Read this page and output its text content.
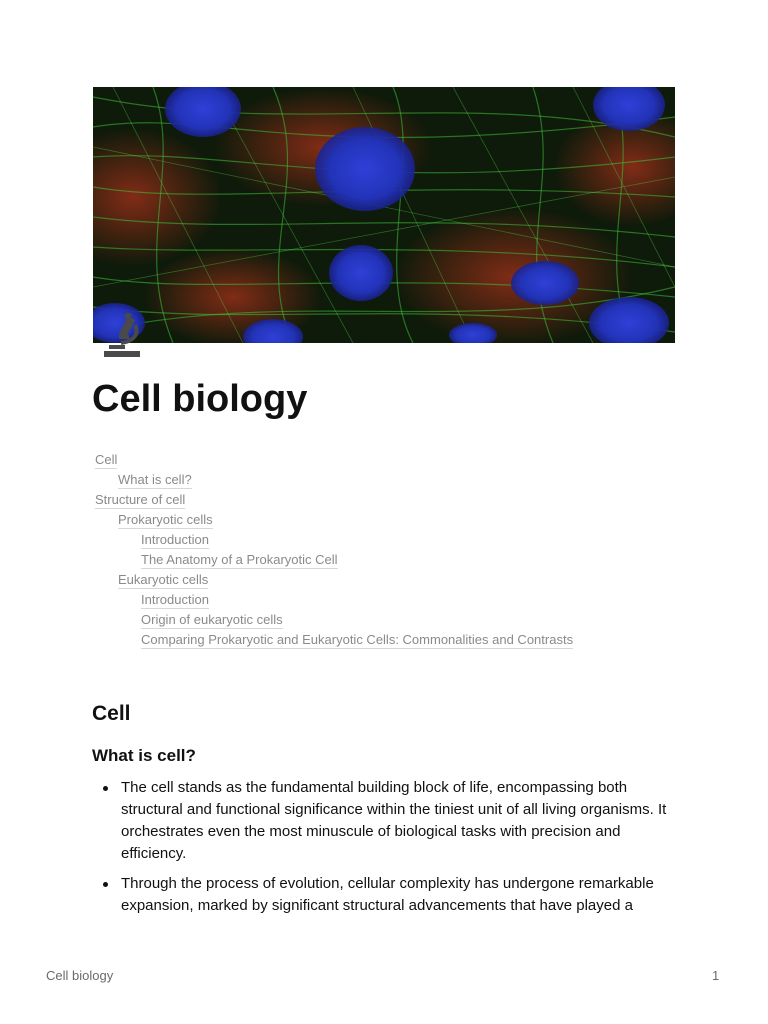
Cell biology
Cell
What is cell?
Structure of cell
Prokaryotic cells
Introduction
The Anatomy of a Prokaryotic Cell
Eukaryotic cells
Introduction
Origin of eukaryotic cells
Comparing Prokaryotic and Eukaryotic Cells: Commonalities and Contrasts
Cell
What is cell?
The cell stands as the fundamental building block of life, encompassing both structural and functional significance within the tiniest unit of all living organisms. It orchestrates even the most minuscule of biological tasks with precision and efficiency.
Through the process of evolution, cellular complexity has undergone remarkable expansion, marked by significant structural advancements that have played a
Cell biology	1
